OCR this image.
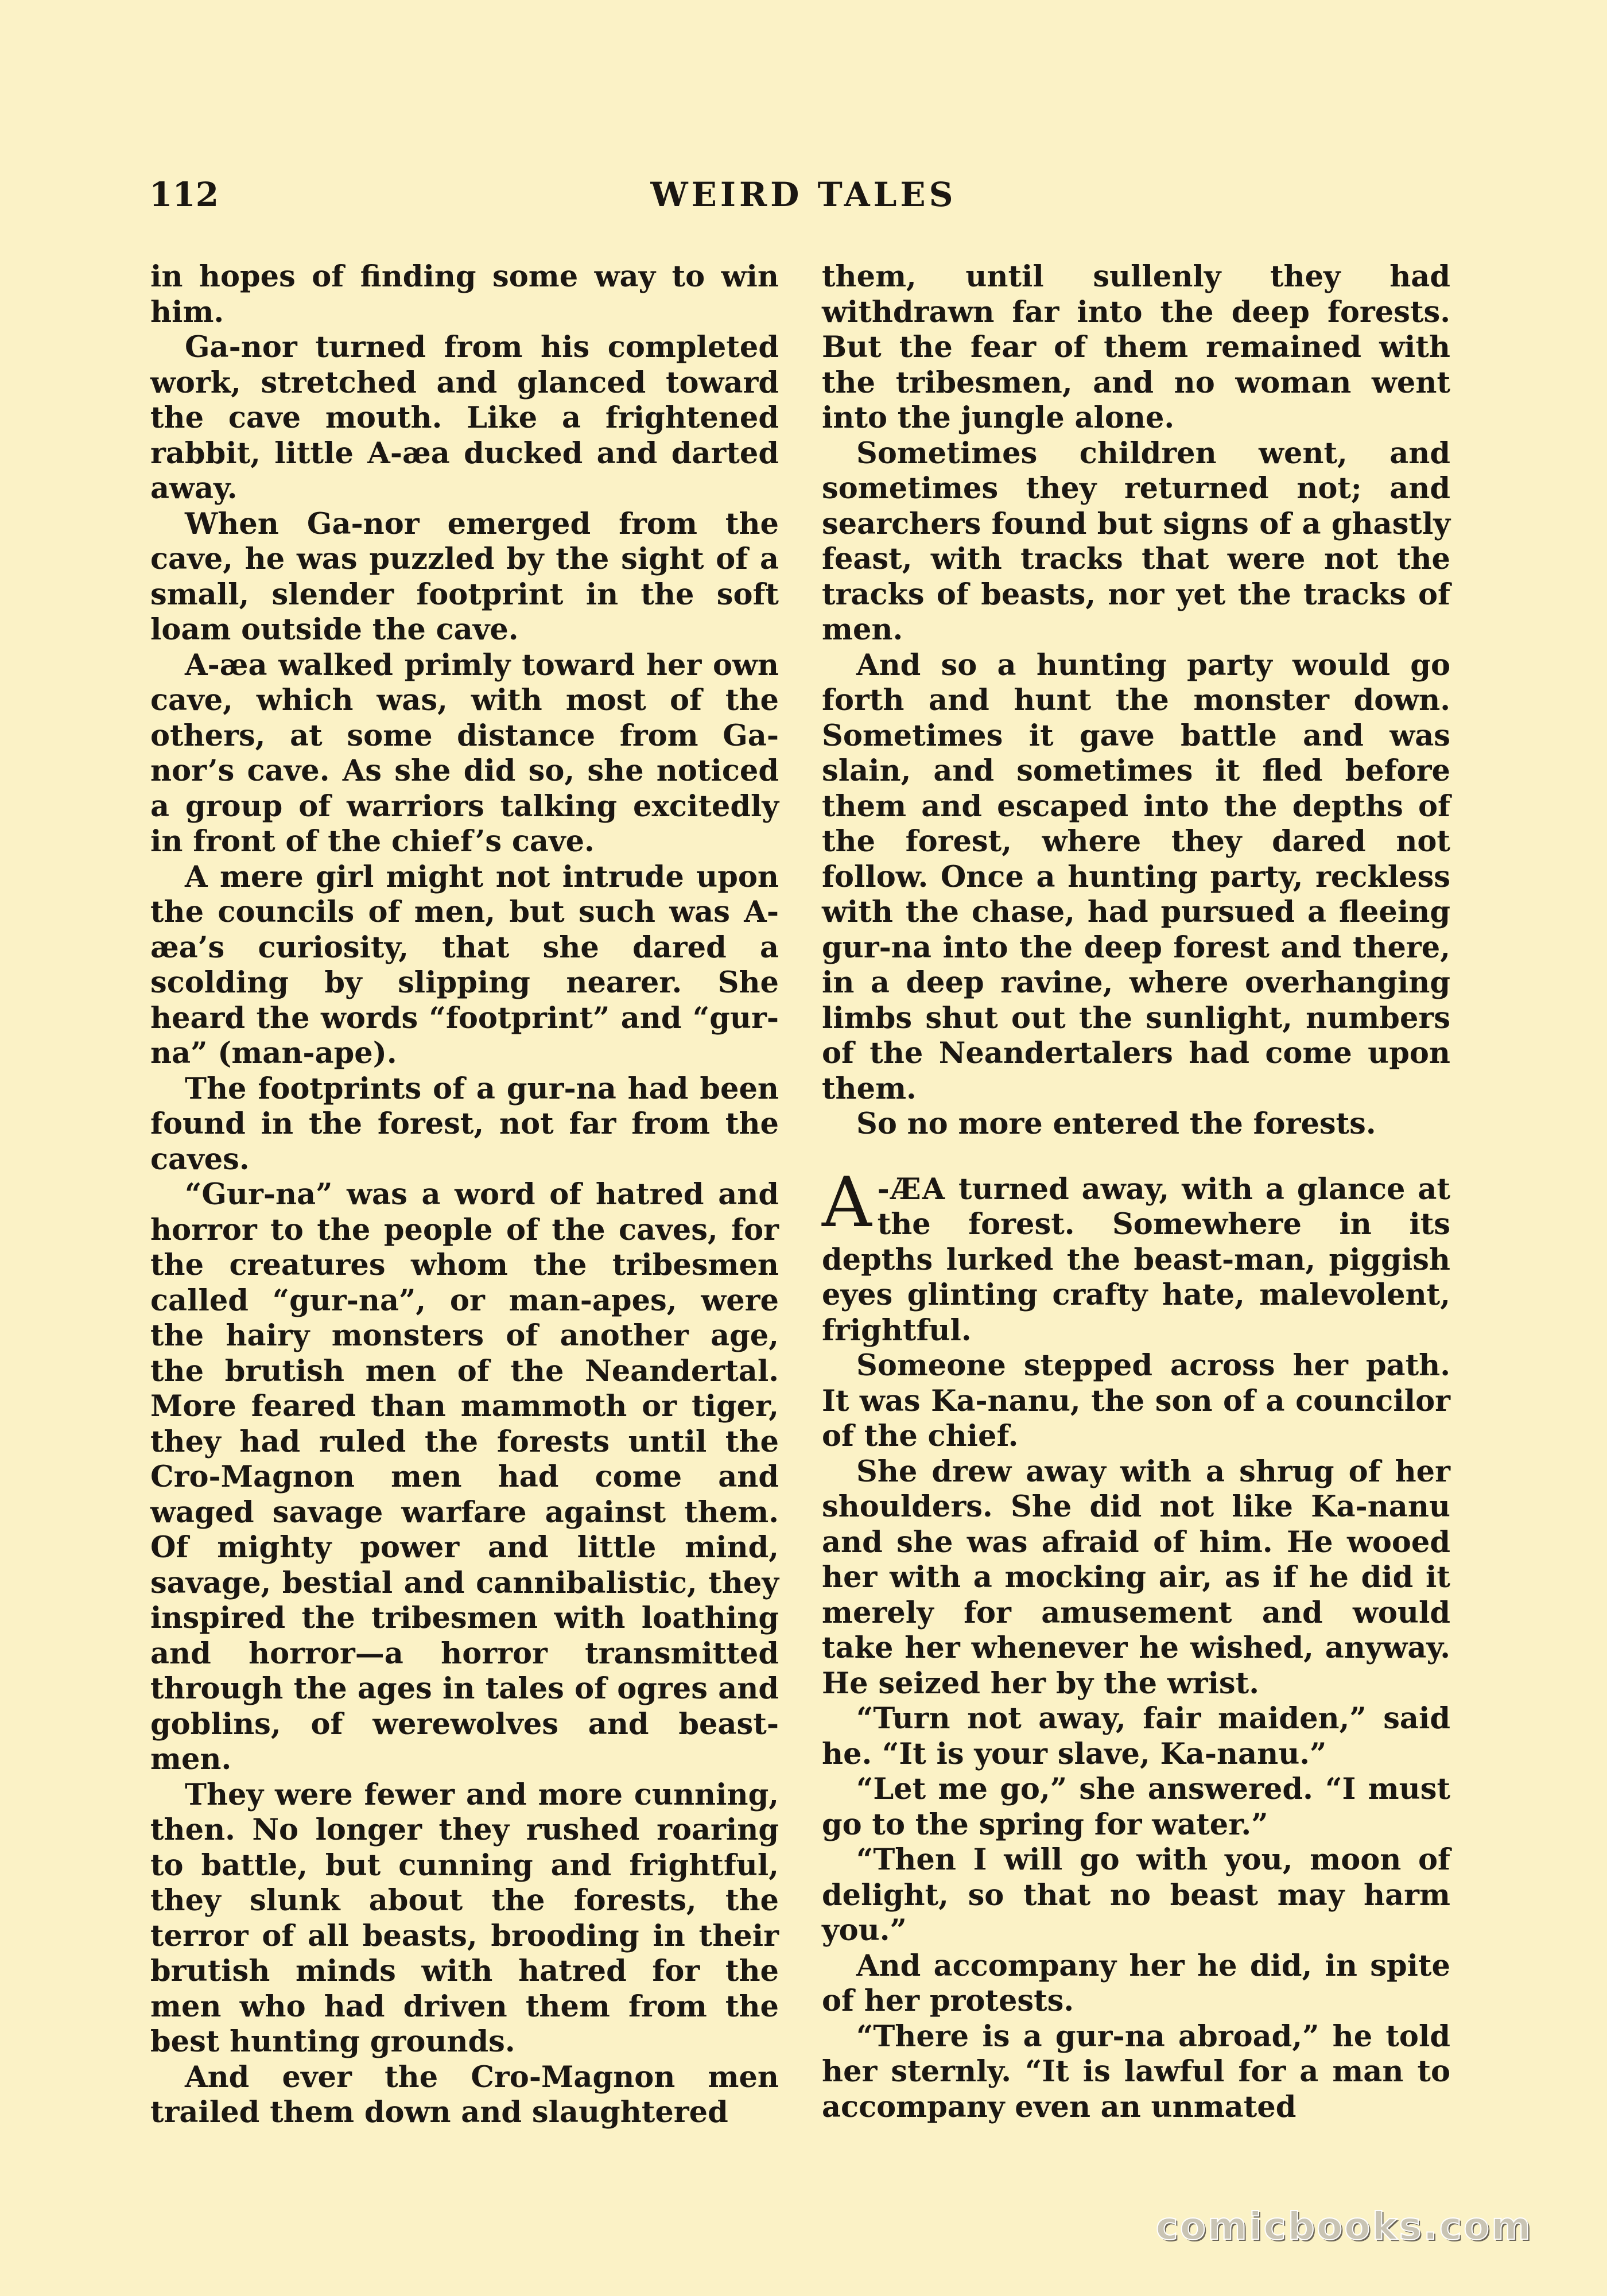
112	WEIRD TALES

in hopes of finding some way to win him.

Ga-nor turned from his completed work, stretched and glanced toward the cave mouth. Like a frightened rabbit, little A-æa ducked and darted away.

When Ga-nor emerged from the cave, he was puzzled by the sight of a small, slender footprint in the soft loam outside the cave.

A-æa walked primly toward her own cave, which was, with most of the others, at some distance from Ga-nor’s cave. As she did so, she noticed a group of warriors talking excitedly in front of the chief’s cave.

A mere girl might not intrude upon the councils of men, but such was A-æa’s curiosity, that she dared a scolding by slipping nearer. She heard the words “footprint” and “gur-na” (man-ape).

The footprints of a gur-na had been found in the forest, not far from the caves.

“Gur-na” was a word of hatred and horror to the people of the caves, for the creatures whom the tribesmen called “gur-na”, or man-apes, were the hairy monsters of another age, the brutish men of the Neandertal. More feared than mammoth or tiger, they had ruled the forests until the Cro-Magnon men had come and waged savage warfare against them. Of mighty power and little mind, savage, bestial and cannibalistic, they inspired the tribesmen with loathing and horror—a horror transmitted through the ages in tales of ogres and goblins, of werewolves and beast-men.

They were fewer and more cunning, then. No longer they rushed roaring to battle, but cunning and frightful, they slunk about the forests, the terror of all beasts, brooding in their brutish minds with hatred for the men who had driven them from the best hunting grounds.

And ever the Cro-Magnon men trailed them down and slaughtered

them, until sullenly they had withdrawn far into the deep forests. But the fear of them remained with the tribesmen, and no woman went into the jungle alone.

Sometimes children went, and sometimes they returned not; and searchers found but signs of a ghastly feast, with tracks that were not the tracks of beasts, nor yet the tracks of men.

And so a hunting party would go forth and hunt the monster down. Sometimes it gave battle and was slain, and sometimes it fled before them and escaped into the depths of the forest, where they dared not follow. Once a hunting party, reckless with the chase, had pursued a fleeing gur-na into the deep forest and there, in a deep ravine, where overhanging limbs shut out the sunlight, numbers of the Neandertalers had come upon them.

So no more entered the forests.

A -ÆA turned away, with a glance at the forest. Somewhere in its depths lurked the beast-man, piggish eyes glinting crafty hate, malevolent, frightful.

Someone stepped across her path. It was Ka-nanu, the son of a councilor of the chief.

She drew away with a shrug of her shoulders. She did not like Ka-nanu and she was afraid of him. He wooed her with a mocking air, as if he did it merely for amusement and would take her whenever he wished, anyway. He seized her by the wrist.

“Turn not away, fair maiden,” said he. “It is your slave, Ka-nanu.”

“Let me go,” she answered. “I must go to the spring for water.”

“Then I will go with you, moon of delight, so that no beast may harm you.”

And accompany her he did, in spite of her protests.

“There is a gur-na abroad,” he told her sternly. “It is lawful for a man to accompany even an unmated

comicbooks.com
